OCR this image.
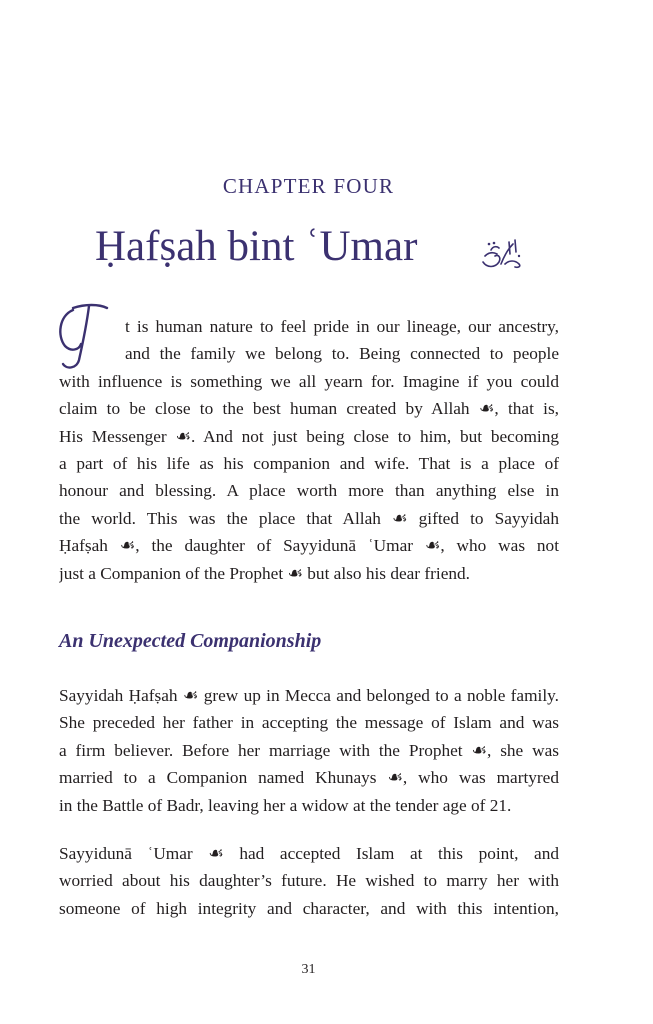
CHAPTER FOUR
Ḥafṣah bint ʿUmar
t is human nature to feel pride in our lineage, our ancestry,
and the family we belong to. Being connected to people
with influence is something we all yearn for. Imagine if you could
claim to be close to the best human created by Allah ☙, that is,
His Messenger ☙. And not just being close to him, but becoming
a part of his life as his companion and wife. That is a place of
honour and blessing. A place worth more than anything else in
the world. This was the place that Allah ☙ gifted to Sayyidah
Ḥafṣah ☙, the daughter of Sayyidunā ʿUmar ☙, who was not
just a Companion of the Prophet ☙ but also his dear friend.
An Unexpected Companionship
Sayyidah Ḥafṣah ☙ grew up in Mecca and belonged to a noble family.
She preceded her father in accepting the message of Islam and was
a firm believer. Before her marriage with the Prophet ☙, she was
married to a Companion named Khunays ☙, who was martyred
in the Battle of Badr, leaving her a widow at the tender age of 21.
Sayyidunā ʿUmar ☙ had accepted Islam at this point, and
worried about his daughter’s future. He wished to marry her with
someone of high integrity and character, and with this intention,
31
